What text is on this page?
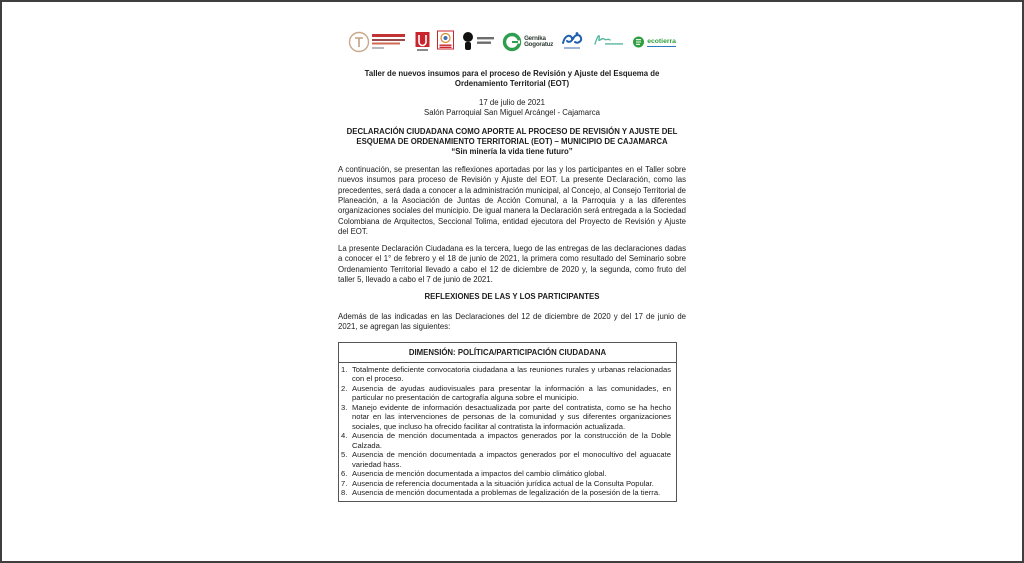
Gernika
Gogoratuz	ecotierra

Taller de nuevos insumos para el proceso de Revisión y Ajuste del Esquema de Ordenamiento Territorial (EOT)

17 de julio de 2021

Salón Parroquial San Miguel Arcángel - Cajamarca

DECLARACIÓN CIUDADANA COMO APORTE AL PROCESO DE REVISIÓN Y AJUSTE DEL ESQUEMA DE ORDENAMIENTO TERRITORIAL (EOT) – MUNICIPIO DE CAJAMARCA

“Sin minería la vida tiene futuro”

A continuación, se presentan las reflexiones aportadas por las y los participantes en el Taller sobre nuevos insumos para proceso de Revisión y Ajuste del EOT. La presente Declaración, como las precedentes, será dada a conocer a la administración municipal, al Concejo, al Consejo Territorial de Planeación, a la Asociación de Juntas de Acción Comunal, a la Parroquia y a las diferentes organizaciones sociales del municipio. De igual manera la Declaración será entregada a la Sociedad Colombiana de Arquitectos, Seccional Tolima, entidad ejecutora del Proyecto de Revisión y Ajuste del EOT.

La presente Declaración Ciudadana es la tercera, luego de las entregas de las declaraciones dadas a conocer el 1° de febrero y el 18 de junio de 2021, la primera como resultado del Seminario sobre Ordenamiento Territorial llevado a cabo el 12 de diciembre de 2020 y, la segunda, como fruto del taller 5, llevado a cabo el 7 de junio de 2021.

REFLEXIONES DE LAS Y LOS PARTICIPANTES

Además de las indicadas en las Declaraciones del 12 de diciembre de 2020 y del 17 de junio de 2021, se agregan las siguientes:

DIMENSIÓN: POLÍTICA/PARTICIPACIÓN CIUDADANA
Totalmente deficiente convocatoria ciudadana a las reuniones rurales y urbanas relacionadas con el proceso.
Ausencia de ayudas audiovisuales para presentar la información a las comunidades, en particular no presentación de cartografía alguna sobre el municipio.
Manejo evidente de información desactualizada por parte del contratista, como se ha hecho notar en las intervenciones de personas de la comunidad y sus diferentes organizaciones sociales, que incluso ha ofrecido facilitar al contratista la información actualizada.
Ausencia de mención documentada a impactos generados por la construcción de la Doble Calzada.
Ausencia de mención documentada a impactos generados por el monocultivo del aguacate variedad hass.
Ausencia de mención documentada a impactos del cambio climático global.
Ausencia de referencia documentada a la situación jurídica actual de la Consulta Popular.
Ausencia de mención documentada a problemas de legalización de la posesión de la tierra.
